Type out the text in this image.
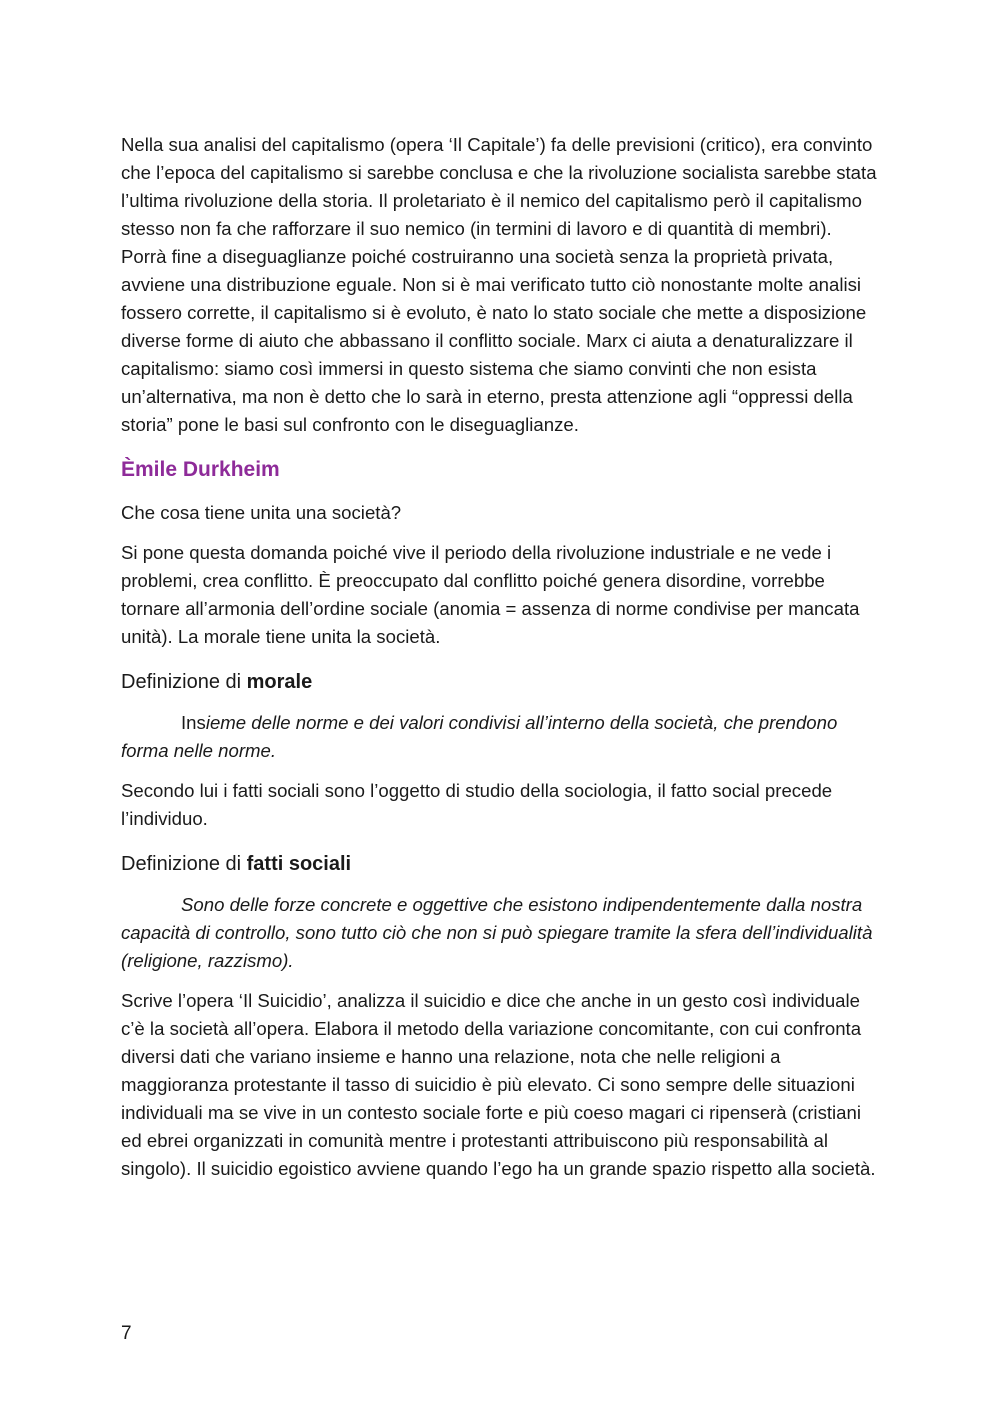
Nella sua analisi del capitalismo (opera ‘Il Capitale’) fa delle previsioni (critico), era convinto che l’epoca del capitalismo si sarebbe conclusa e che la rivoluzione socialista sarebbe stata l’ultima rivoluzione della storia. Il proletariato è il nemico del capitalismo però il capitalismo stesso non fa che rafforzare il suo nemico (in termini di lavoro e di quantità di membri). Porrà fine a diseguaglianze poiché costruiranno una società senza la proprietà privata, avviene una distribuzione eguale. Non si è mai verificato tutto ciò nonostante molte analisi fossero corrette, il capitalismo si è evoluto, è nato lo stato sociale che mette a disposizione diverse forme di aiuto che abbassano il conflitto sociale. Marx ci aiuta a denaturalizzare il capitalismo: siamo così immersi in questo sistema che siamo convinti che non esista un’alternativa, ma non è detto che lo sarà in eterno, presta attenzione agli “oppressi della storia” pone le basi sul confronto con le diseguaglianze.

Èmile Durkheim

Che cosa tiene unita una società?

Si pone questa domanda poiché vive il periodo della rivoluzione industriale e ne vede i problemi, crea conflitto. È preoccupato dal conflitto poiché genera disordine, vorrebbe tornare all’armonia dell’ordine sociale (anomia = assenza di norme condivise per mancata unità). La morale tiene unita la società.

Definizione di morale

Insieme delle norme e dei valori condivisi all’interno della società, che prendono forma nelle norme.

Secondo lui i fatti sociali sono l’oggetto di studio della sociologia, il fatto social precede l’individuo.

Definizione di fatti sociali

Sono delle forze concrete e oggettive che esistono indipendentemente dalla nostra capacità di controllo, sono tutto ciò che non si può spiegare tramite la sfera dell’individualità (religione, razzismo).

Scrive l’opera ‘Il Suicidio’, analizza il suicidio e dice che anche in un gesto così individuale c’è la società all’opera. Elabora il metodo della variazione concomitante, con cui confronta diversi dati che variano insieme e hanno una relazione, nota che nelle religioni a maggioranza protestante il tasso di suicidio è più elevato. Ci sono sempre delle situazioni individuali ma se vive in un contesto sociale forte e più coeso magari ci ripenserà (cristiani ed ebrei organizzati in comunità mentre i protestanti attribuiscono più responsabilità al singolo). Il suicidio egoistico avviene quando l’ego ha un grande spazio rispetto alla società.

7
